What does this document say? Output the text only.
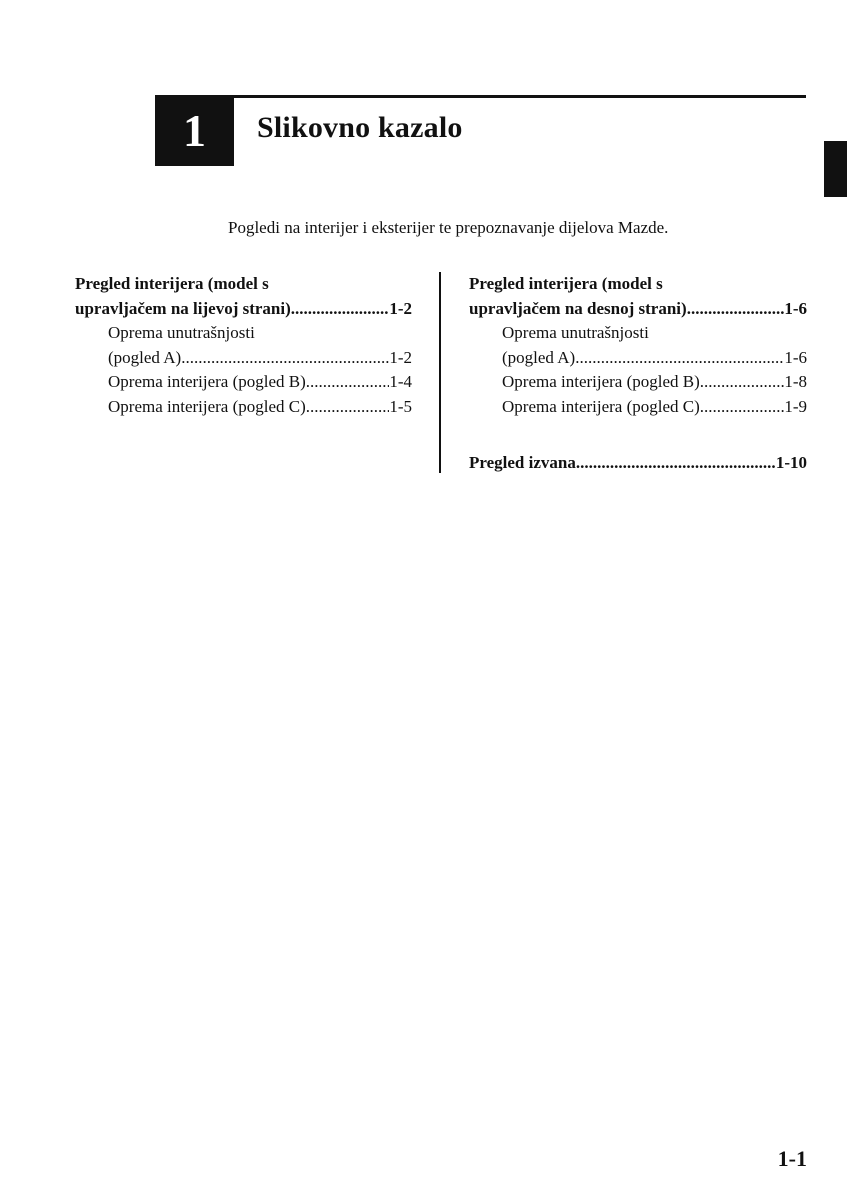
1 Slikovno kazalo
Pogledi na interijer i eksterijer te prepoznavanje dijelova Mazde.
Pregled interijera (model s
upravljačem na lijevoj strani) .....	1-2
Oprema unutrašnjosti
(pogled A) .....	1-2
Oprema interijera (pogled B) .....	1-4
Oprema interijera (pogled C) .....	1-5
Pregled interijera (model s
upravljačem na desnoj strani) .....	1-6
Oprema unutrašnjosti
(pogled A) .....	1-6
Oprema interijera (pogled B) .....	1-8
Oprema interijera (pogled C) .....	1-9
Pregled izvana .....	1-10
1-1
